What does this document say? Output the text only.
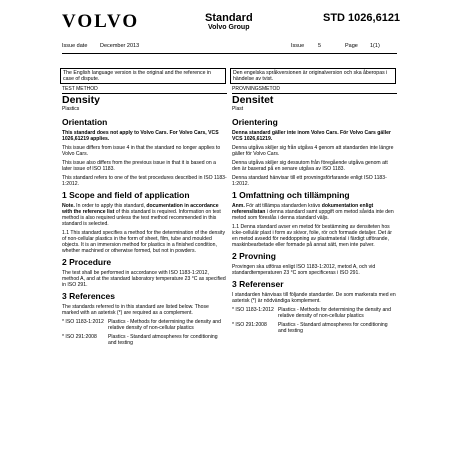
VOLVO	Standard
Volvo Group
STD 1026,6121
Issue date December 2013	Issue	5	Page 1(1)
The English language version is the original and the reference in case of dispute.
Den engelska språkversionen är originalversion och ska åberopas i händelse av tvist.
TEST METHOD
Density
Plastics
Orientation

This standard does not apply to Volvo Cars. For Volvo Cars, VCS 1026,61219 applies.

This issue differs from issue 4 in that the standard no longer applies to Volvo Cars.

This issue also differs from the previous issue in that it is based on a later issue of ISO 1183.

This standard refers to one of the test procedures described in ISO 1183-1:2012.

1 Scope and field of application

Note. In order to apply this standard, documentation in accordance with the reference list of this standard is required. Information on test method is also required unless the test method recommended in this standard is selected.

1.1 This standard specifies a method for the determination of the density of non-cellular plastics in the form of sheet, film, tube and moulded objects. It is an immersion method for plastics in a finished condition, whether machined or otherwise formed, but not in powders.

2 Procedure

The test shall be performed in accordance with ISO 1183-1:2012, method A, and at the standard laboratory temperature 23 °C as specified in ISO 291.

3 References

The standards referred to in this standard are listed below. Those marked with an asterisk (*) are required as a complement.

* ISO 1183-1:2012 Plastics - Methods for determining the density and relative density of non-cellular plastics
* ISO 291:2008	Plastics - Standard atmospheres for conditioning and testing
PROVNINGSMETOD
Densitet
Plast
Orientering

Denna standard gäller inte inom Volvo Cars. För Volvo Cars gäller VCS 1026,61219.

Denna utgåva skiljer sig från utgåva 4 genom att standarden inte längre gäller för Volvo Cars.

Denna utgåva skiljer sig dessutom från föregående utgåva genom att den är baserad på en senare utgåva av ISO 1183.

Denna standard hänvisar till ett provningsförfarande enligt ISO 1183-1:2012.

1 Omfattning och tillämpning

Anm. För att tillämpa standarden krävs dokumentation enligt referenslistan i denna standard samt uppgift om metod såvida inte den metod som föreslås i denna standard väljs.

1.1 Denna standard avser en metod för bestämning av densiteten hos icke-cellulär plast i form av skivor, folie, rör och formade detaljer. Det är en metod avsedd för neddoppning av plastmaterial i färdigt utförande, maskinbearbetade eller formade på annat sätt, men inte pulver.

2 Provning

Provingen ska utföras enligt ISO 1183-1:2012, metod A, och vid standardtemperaturen 23 °C som specificeras i ISO 291.

3 Referenser

I standarden hänvisas till följande standarder. De som markerats med en asterisk (*) är nödvändiga komplement.

* ISO 1183-1:2012 Plastics - Methods for determining the density and relative density of non-cellular plastics
* ISO 291:2008	Plastics - Standard atmospheres for conditioning and testing
